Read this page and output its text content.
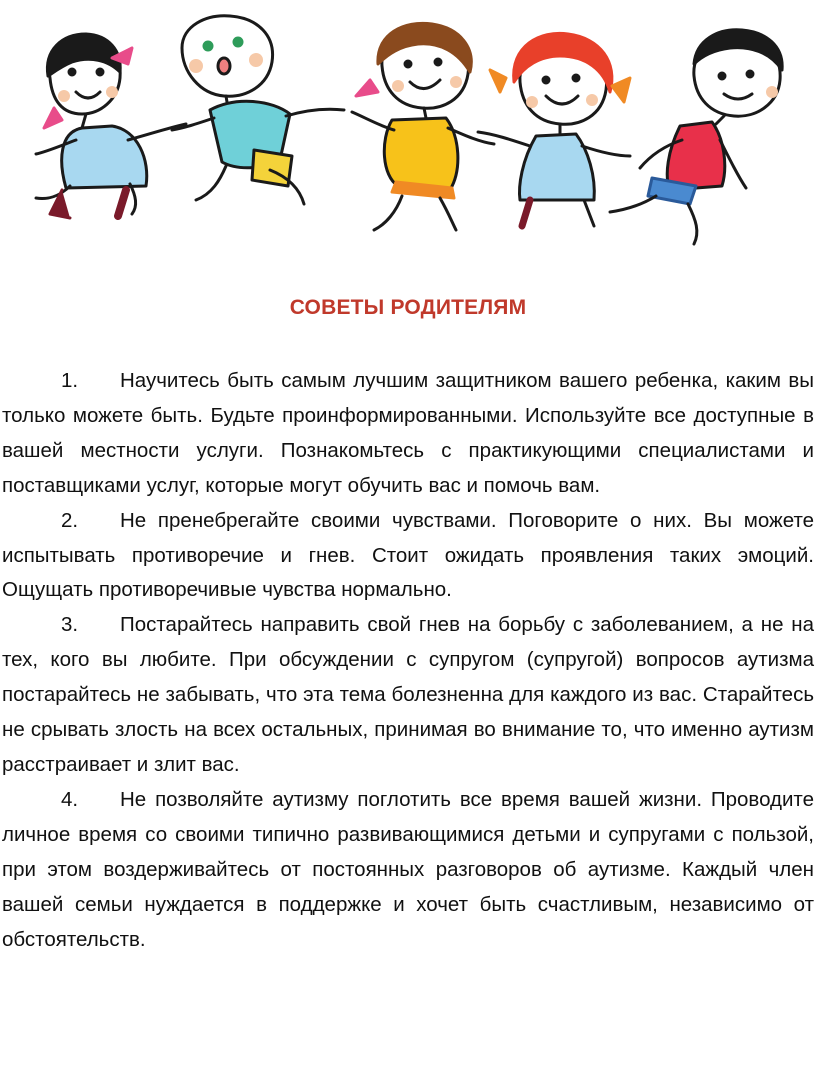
СОВЕТЫ РОДИТЕЛЯМ

1. Научитесь быть самым лучшим защитником вашего ребенка, каким вы только можете быть. Будьте проинформированными. Используйте все доступные в вашей местности услуги. Познакомьтесь с практикующими специалистами и поставщиками услуг, которые могут обучить вас и помочь вам.

2. Не пренебрегайте своими чувствами. Поговорите о них. Вы можете испытывать противоречие и гнев. Стоит ожидать проявления таких эмоций. Ощущать противоречивые чувства нормально.

3. Постарайтесь направить свой гнев на борьбу с заболеванием, а не на тех, кого вы любите. При обсуждении с супругом (супругой) вопросов аутизма постарайтесь не забывать, что эта тема болезненна для каждого из вас. Старайтесь не срывать злость на всех остальных, принимая во внимание то, что именно аутизм расстраивает и злит вас.

4. Не позволяйте аутизму поглотить все время вашей жизни. Проводите личное время со своими типично развивающимися детьми и супругами с пользой, при этом воздерживайтесь от постоянных разговоров об аутизме. Каждый член вашей семьи нуждается в поддержке и хочет быть счастливым, независимо от обстоятельств.
